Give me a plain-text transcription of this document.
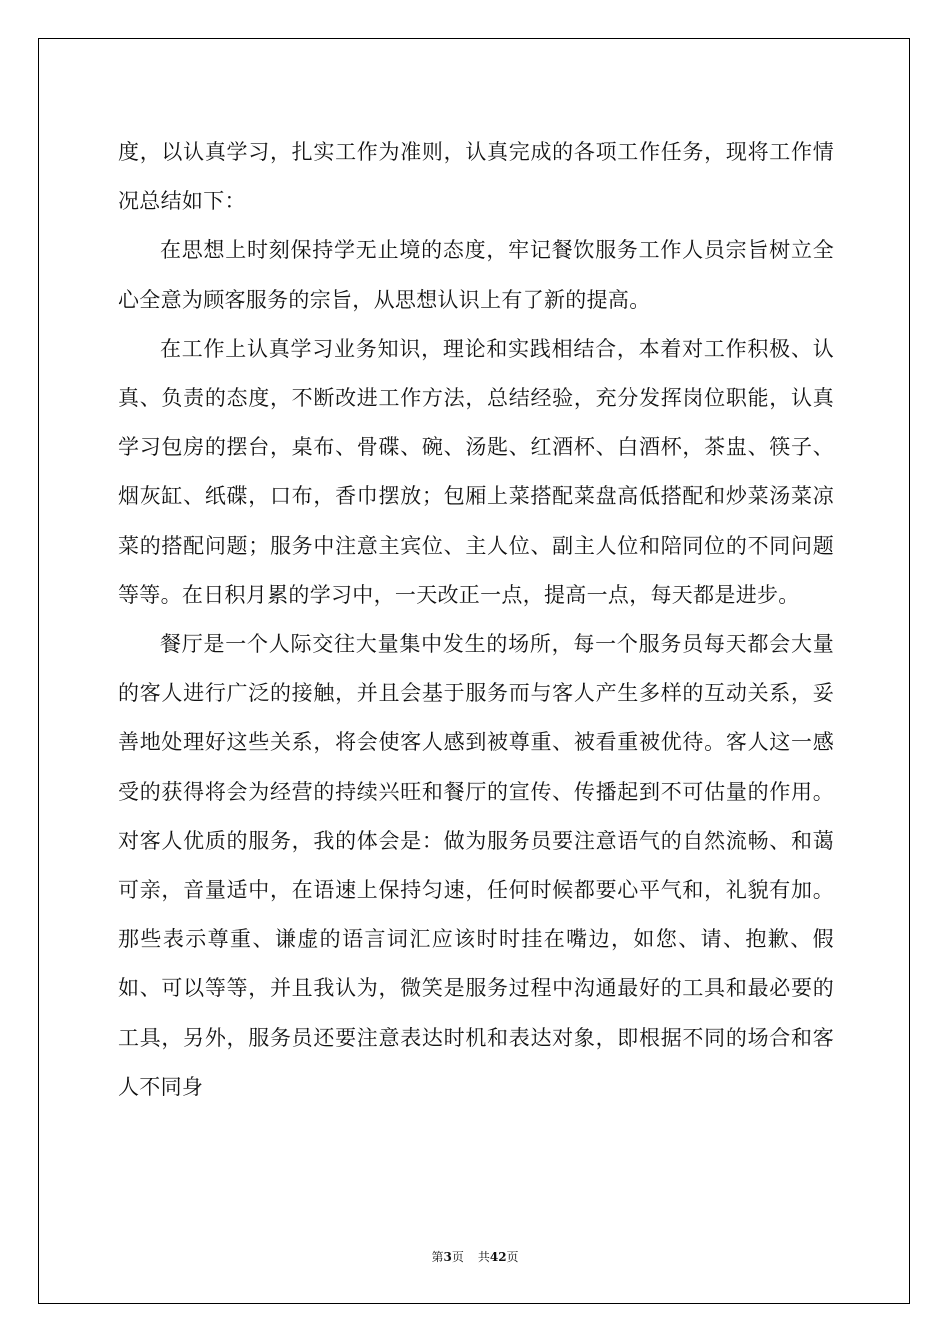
度，以认真学习，扎实工作为准则，认真完成的各项工作任务，现将工作情况总结如下：

在思想上时刻保持学无止境的态度，牢记餐饮服务工作人员宗旨树立全心全意为顾客服务的宗旨，从思想认识上有了新的提高。

在工作上认真学习业务知识，理论和实践相结合，本着对工作积极、认真、负责的态度，不断改进工作方法，总结经验，充分发挥岗位职能，认真学习包房的摆台，桌布、骨碟、碗、汤匙、红酒杯、白酒杯，茶盅、筷子、烟灰缸、纸碟，口布，香巾摆放；包厢上菜搭配菜盘高低搭配和炒菜汤菜凉菜的搭配问题；服务中注意主宾位、主人位、副主人位和陪同位的不同问题等等。在日积月累的学习中，一天改正一点，提高一点，每天都是进步。

餐厅是一个人际交往大量集中发生的场所，每一个服务员每天都会大量的客人进行广泛的接触，并且会基于服务而与客人产生多样的互动关系，妥善地处理好这些关系，将会使客人感到被尊重、被看重被优待。客人这一感受的获得将会为经营的持续兴旺和餐厅的宣传、传播起到不可估量的作用。对客人优质的服务，我的体会是：做为服务员要注意语气的自然流畅、和蔼可亲，音量适中，在语速上保持匀速，任何时候都要心平气和，礼貌有加。那些表示尊重、谦虚的语言词汇应该时时挂在嘴边，如您、请、抱歉、假如、可以等等，并且我认为，微笑是服务过程中沟通最好的工具和最必要的工具，另外，服务员还要注意表达时机和表达对象，即根据不同的场合和客人不同身

第3页 共42页
